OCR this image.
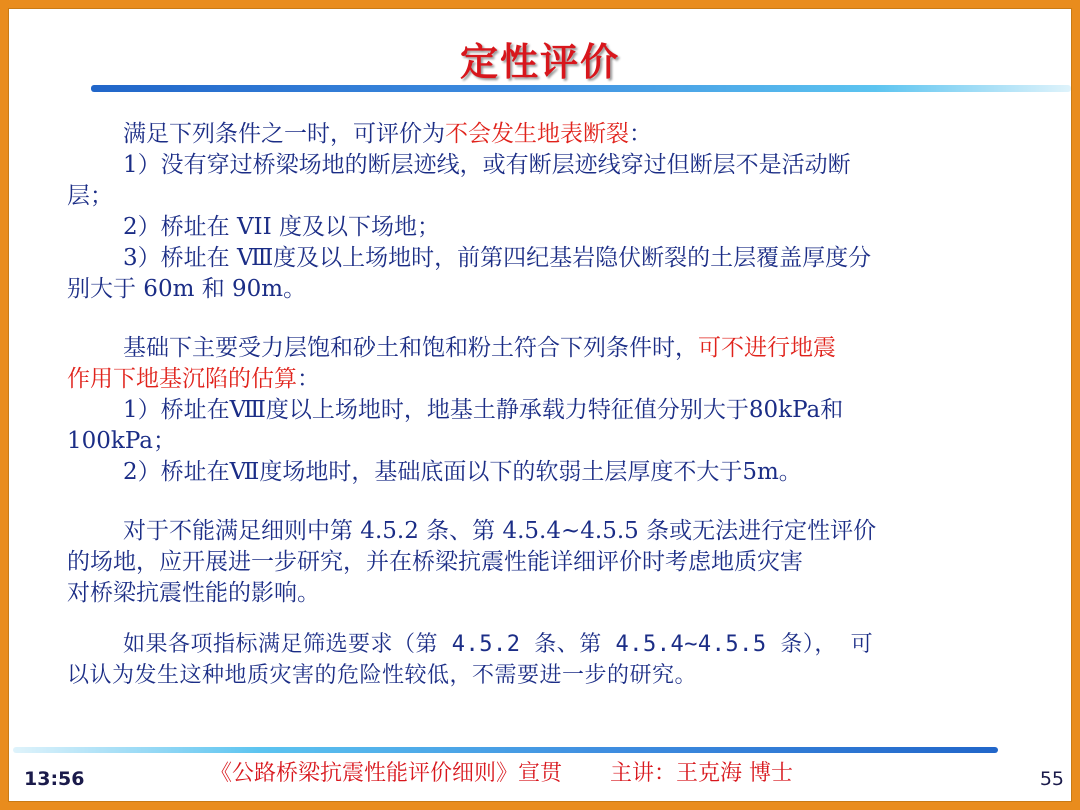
定性评价

满足下列条件之一时，可评价为不会发生地表断裂：

1）没有穿过桥梁场地的断层迹线，或有断层迹线穿过但断层不是活动断

层；

2）桥址在 VII 度及以下场地；

3）桥址在 Ⅷ度及以上场地时，前第四纪基岩隐伏断裂的土层覆盖厚度分

别大于 60m 和 90m。

基础下主要受力层饱和砂土和饱和粉土符合下列条件时，可不进行地震

作用下地基沉陷的估算：

1）桥址在Ⅷ度以上场地时，地基土静承载力特征值分别大于80kPa和

100kPa；

2）桥址在Ⅶ度场地时，基础底面以下的软弱土层厚度不大于5m。

对于不能满足细则中第 4.5.2 条、第 4.5.4~4.5.5 条或无法进行定性评价

的场地，应开展进一步研究，并在桥梁抗震性能详细评价时考虑地质灾害

对桥梁抗震性能的影响。

如果各项指标满足筛选要求（第 4.5.2 条、第 4.5.4~4.5.5 条）， 可

以认为发生这种地质灾害的危险性较低，不需要进一步的研究。

13:56	《公路桥梁抗震性能评价细则》宣贯 主讲：王克海 博士	55
